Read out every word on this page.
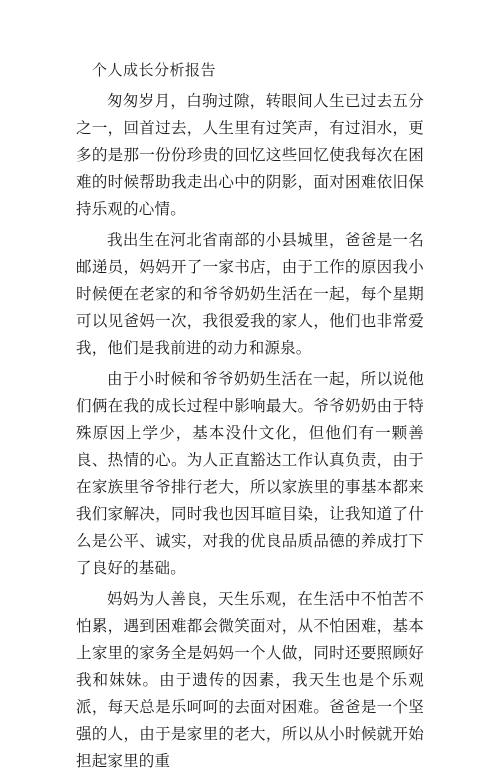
个人成长分析报告

匆匆岁月，白驹过隙，转眼间人生已过去五分之一，回首过去，人生里有过笑声，有过泪水，更多的是那一份份珍贵的回忆这些回忆使我每次在困难的时候帮助我走出心中的阴影，面对困难依旧保持乐观的心情。

我出生在河北省南部的小县城里，爸爸是一名邮递员，妈妈开了一家书店，由于工作的原因我小时候便在老家的和爷爷奶奶生活在一起，每个星期可以见爸妈一次，我很爱我的家人，他们也非常爱我，他们是我前进的动力和源泉。

由于小时候和爷爷奶奶生活在一起，所以说他们俩在我的成长过程中影响最大。爷爷奶奶由于特殊原因上学少，基本没什文化，但他们有一颗善良、热情的心。为人正直豁达工作认真负责，由于在家族里爷爷排行老大，所以家族里的事基本都来我们家解决，同时我也因耳暄目染，让我知道了什么是公平、诚实，对我的优良品质品德的养成打下了良好的基础。

妈妈为人善良，天生乐观，在生活中不怕苦不怕累，遇到困难都会微笑面对，从不怕困难，基本上家里的家务全是妈妈一个人做，同时还要照顾好我和妹妹。由于遗传的因素，我天生也是个乐观派，每天总是乐呵呵的去面对困难。爸爸是一个坚强的人，由于是家里的老大，所以从小时候就开始担起家里的重
